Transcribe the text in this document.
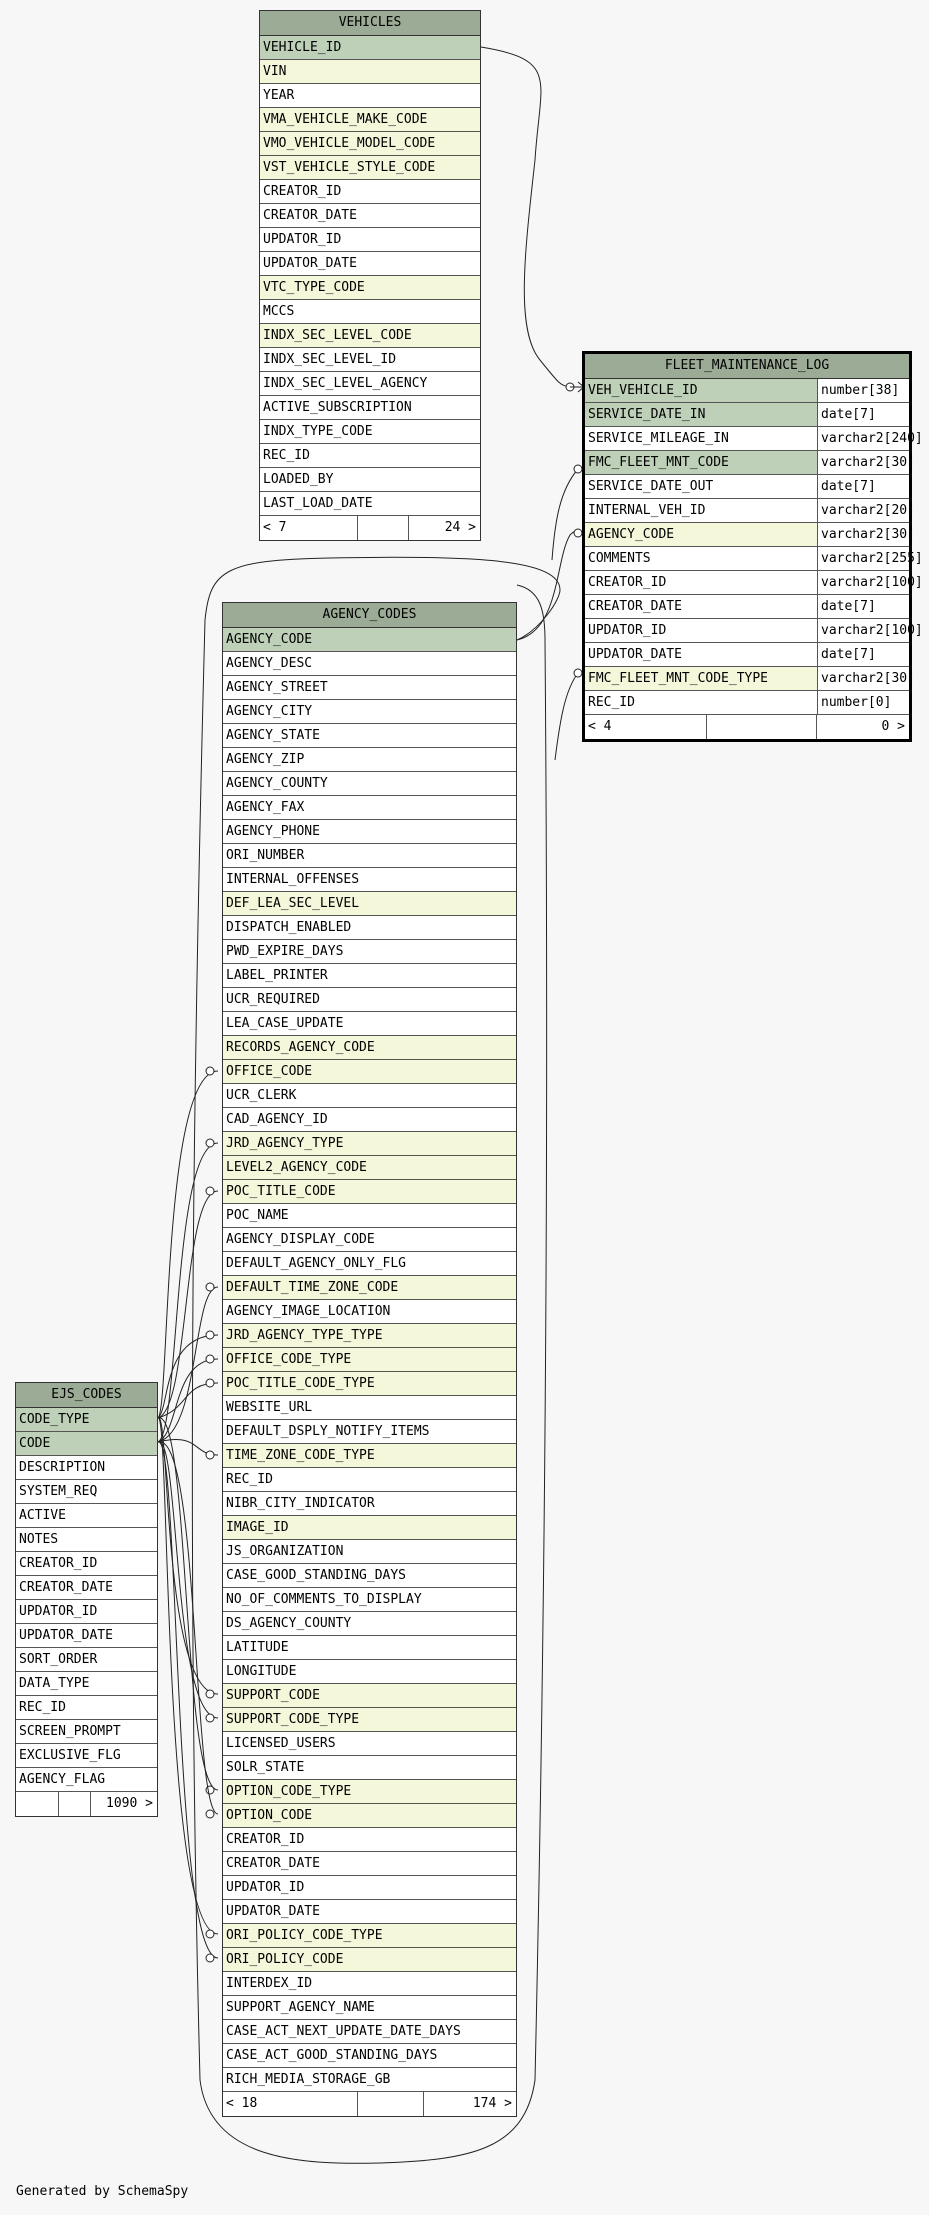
VEHICLES
VEHICLE_ID
VIN
YEAR
VMA_VEHICLE_MAKE_CODE
VMO_VEHICLE_MODEL_CODE
VST_VEHICLE_STYLE_CODE
CREATOR_ID
CREATOR_DATE
UPDATOR_ID
UPDATOR_DATE
VTC_TYPE_CODE
MCCS
INDX_SEC_LEVEL_CODE
INDX_SEC_LEVEL_ID
INDX_SEC_LEVEL_AGENCY
ACTIVE_SUBSCRIPTION
INDX_TYPE_CODE
REC_ID
LOADED_BY
LAST_LOAD_DATE
< 7	24 >
FLEET_MAINTENANCE_LOG
VEH_VEHICLE_ID	number[38]
SERVICE_DATE_IN	date[7]
SERVICE_MILEAGE_IN	varchar2[240]
FMC_FLEET_MNT_CODE	varchar2[30]
SERVICE_DATE_OUT	date[7]
INTERNAL_VEH_ID	varchar2[20]
AGENCY_CODE	varchar2[30]
COMMENTS	varchar2[255]
CREATOR_ID	varchar2[100]
CREATOR_DATE	date[7]
UPDATOR_ID	varchar2[100]
UPDATOR_DATE	date[7]
FMC_FLEET_MNT_CODE_TYPE	varchar2[30]
REC_ID	number[0]
< 4	0 >
AGENCY_CODES
AGENCY_CODE
AGENCY_DESC
AGENCY_STREET
AGENCY_CITY
AGENCY_STATE
AGENCY_ZIP
AGENCY_COUNTY
AGENCY_FAX
AGENCY_PHONE
ORI_NUMBER
INTERNAL_OFFENSES
DEF_LEA_SEC_LEVEL
DISPATCH_ENABLED
PWD_EXPIRE_DAYS
LABEL_PRINTER
UCR_REQUIRED
LEA_CASE_UPDATE
RECORDS_AGENCY_CODE
OFFICE_CODE
UCR_CLERK
CAD_AGENCY_ID
JRD_AGENCY_TYPE
LEVEL2_AGENCY_CODE
POC_TITLE_CODE
POC_NAME
AGENCY_DISPLAY_CODE
DEFAULT_AGENCY_ONLY_FLG
DEFAULT_TIME_ZONE_CODE
AGENCY_IMAGE_LOCATION
JRD_AGENCY_TYPE_TYPE
OFFICE_CODE_TYPE
POC_TITLE_CODE_TYPE
WEBSITE_URL
DEFAULT_DSPLY_NOTIFY_ITEMS
TIME_ZONE_CODE_TYPE
REC_ID
NIBR_CITY_INDICATOR
IMAGE_ID
JS_ORGANIZATION
CASE_GOOD_STANDING_DAYS
NO_OF_COMMENTS_TO_DISPLAY
DS_AGENCY_COUNTY
LATITUDE
LONGITUDE
SUPPORT_CODE
SUPPORT_CODE_TYPE
LICENSED_USERS
SOLR_STATE
OPTION_CODE_TYPE
OPTION_CODE
CREATOR_ID
CREATOR_DATE
UPDATOR_ID
UPDATOR_DATE
ORI_POLICY_CODE_TYPE
ORI_POLICY_CODE
INTERDEX_ID
SUPPORT_AGENCY_NAME
CASE_ACT_NEXT_UPDATE_DATE_DAYS
CASE_ACT_GOOD_STANDING_DAYS
RICH_MEDIA_STORAGE_GB
< 18	174 >
EJS_CODES
CODE_TYPE
CODE
DESCRIPTION
SYSTEM_REQ
ACTIVE
NOTES
CREATOR_ID
CREATOR_DATE
UPDATOR_ID
UPDATOR_DATE
SORT_ORDER
DATA_TYPE
REC_ID
SCREEN_PROMPT
EXCLUSIVE_FLG
AGENCY_FLAG
1090 >
Generated by SchemaSpy
